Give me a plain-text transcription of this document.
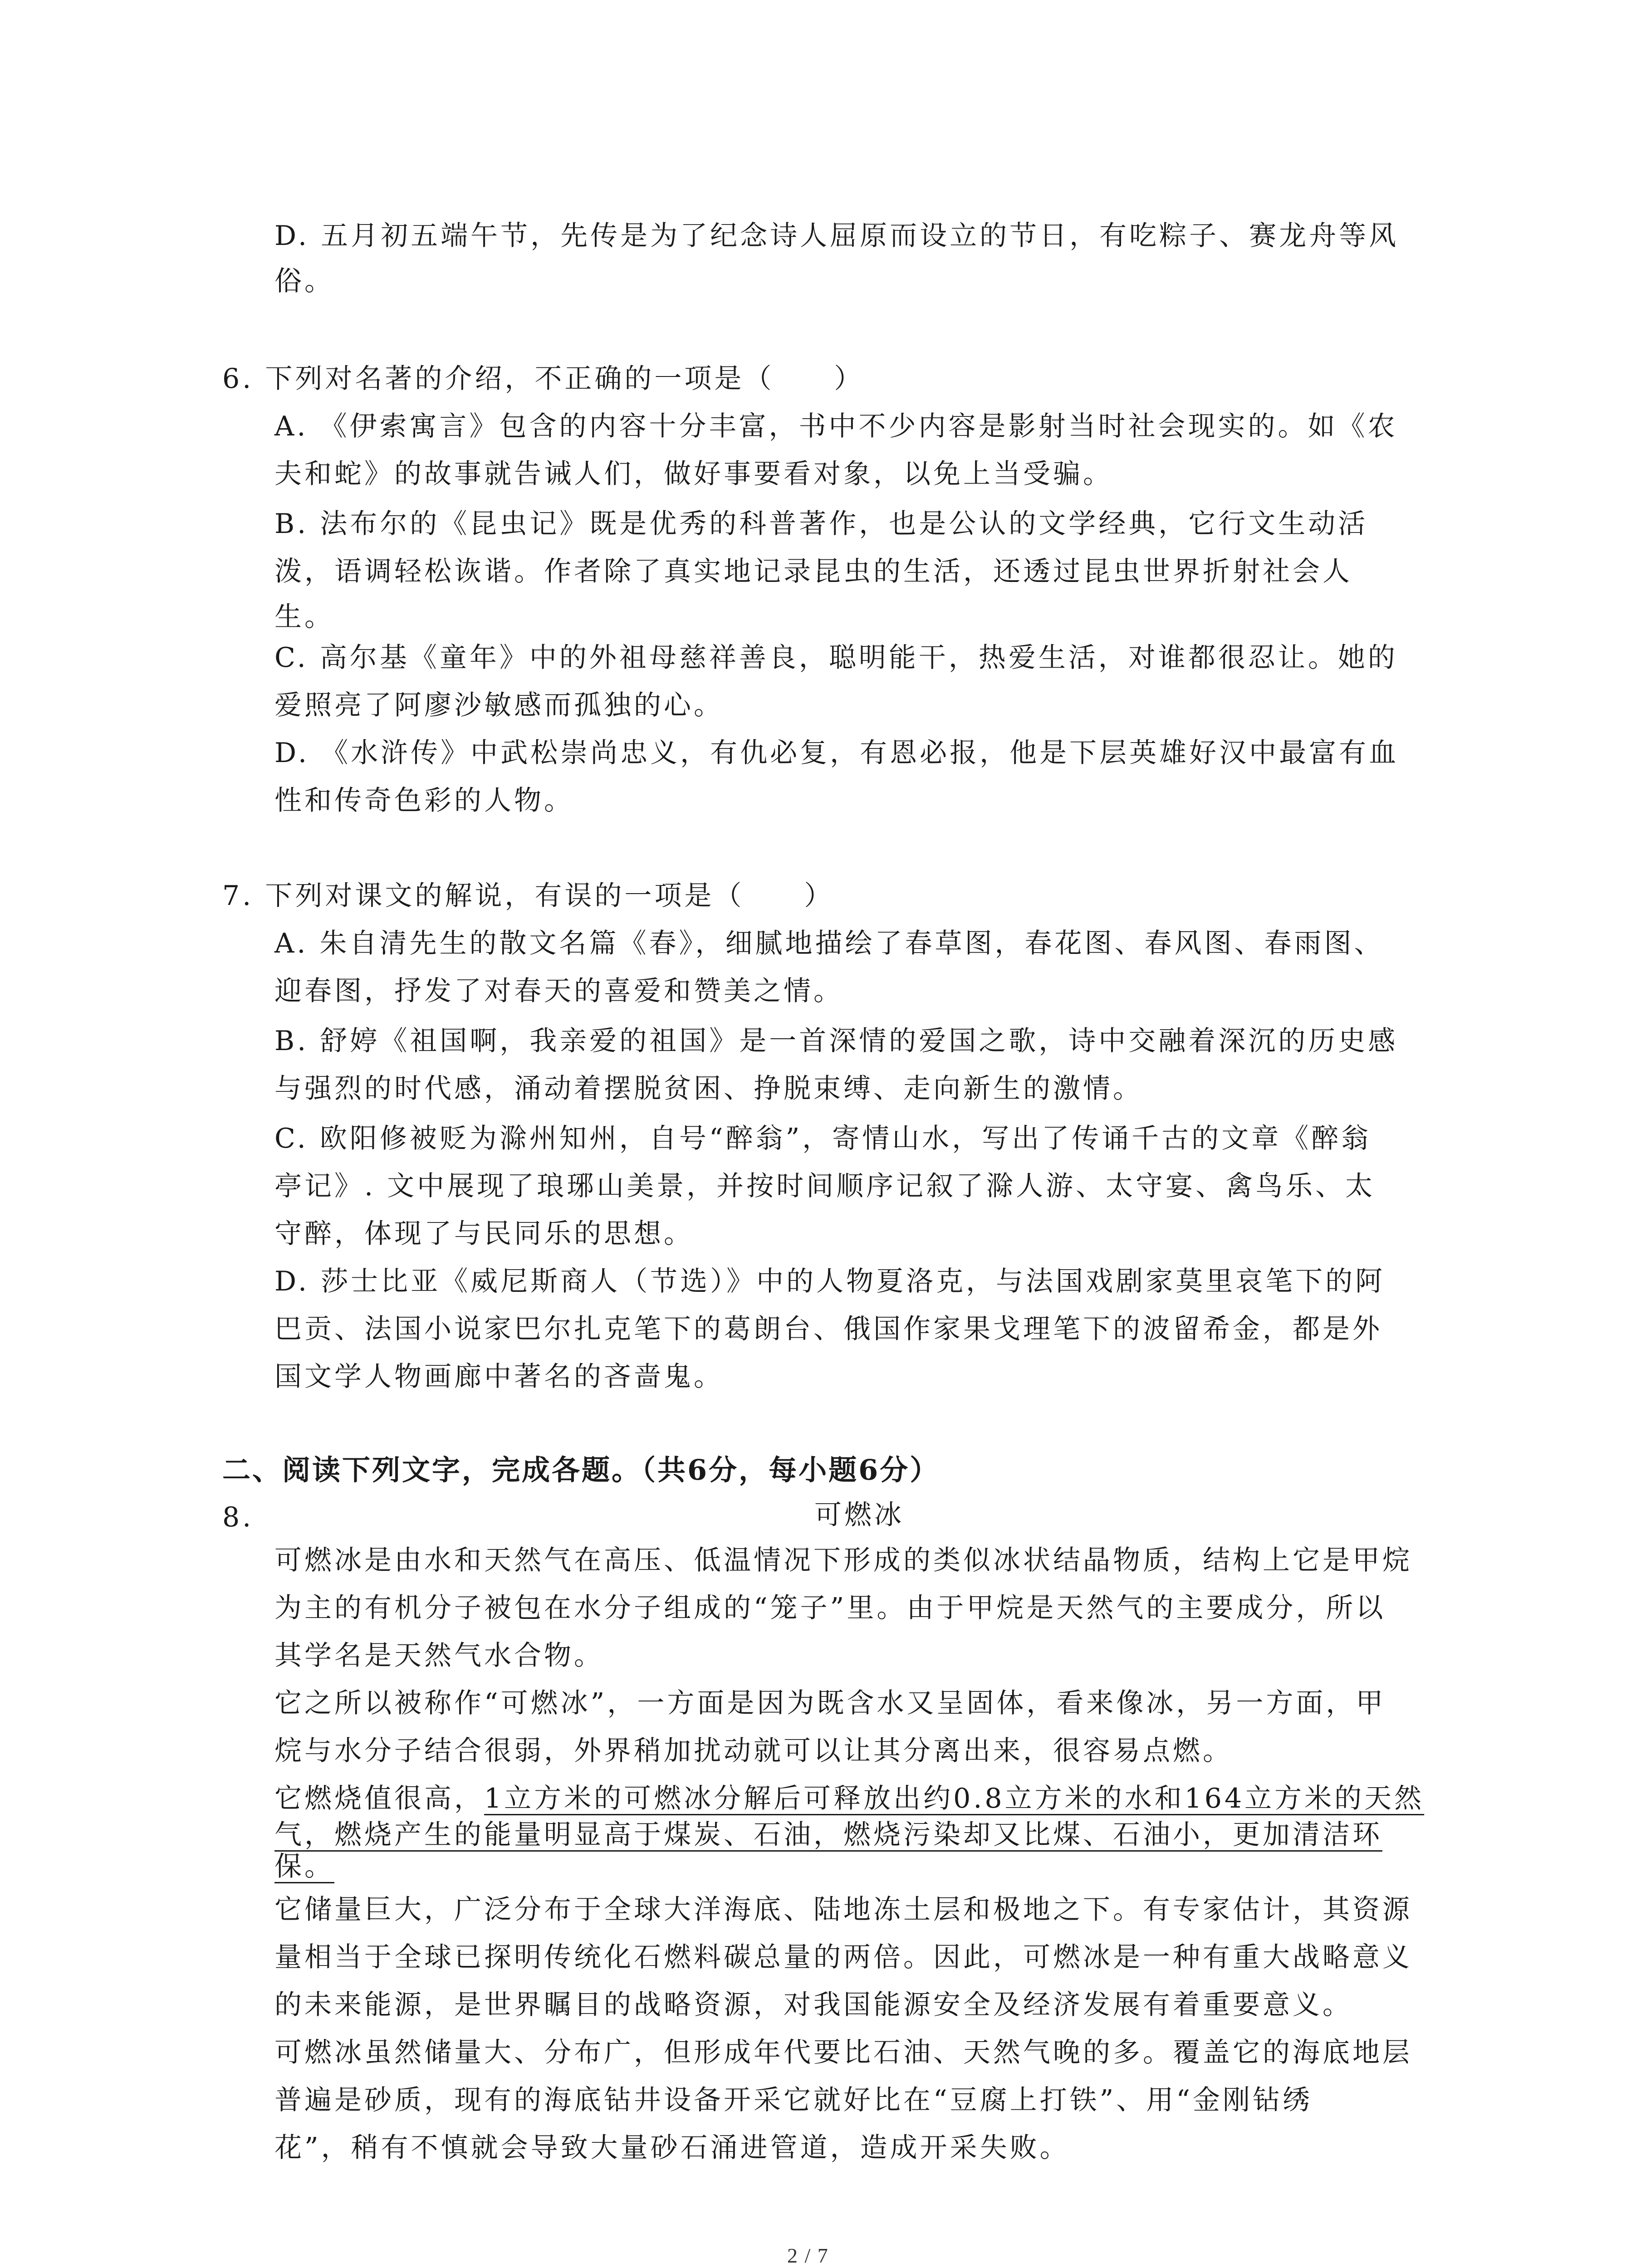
D. 五月初五端午节，先传是为了纪念诗人屈原而设立的节日，有吃粽子、赛龙舟等风
俗。
6. 下列对名著的介绍，不正确的一项是（　　）
A. 《伊索寓言》包含的内容十分丰富，书中不少内容是影射当时社会现实的。如《农
夫和蛇》的故事就告诫人们，做好事要看对象，以免上当受骗。
B. 法布尔的《昆虫记》既是优秀的科普著作，也是公认的文学经典，它行文生动活
泼，语调轻松诙谐。作者除了真实地记录昆虫的生活，还透过昆虫世界折射社会人
生。
C. 高尔基《童年》中的外祖母慈祥善良，聪明能干，热爱生活，对谁都很忍让。她的
爱照亮了阿廖沙敏感而孤独的心。
D. 《水浒传》中武松崇尚忠义，有仇必复，有恩必报，他是下层英雄好汉中最富有血
性和传奇色彩的人物。
7. 下列对课文的解说，有误的一项是（　　）
A. 朱自清先生的散文名篇《春》，细腻地描绘了春草图，春花图、春风图、春雨图、
迎春图，抒发了对春天的喜爱和赞美之情。
B. 舒婷《祖国啊，我亲爱的祖国》是一首深情的爱国之歌，诗中交融着深沉的历史感
与强烈的时代感，涌动着摆脱贫困、挣脱束缚、走向新生的激情。
C. 欧阳修被贬为滁州知州，自号“醉翁”，寄情山水，写出了传诵千古的文章《醉翁
亭记》. 文中展现了琅琊山美景，并按时间顺序记叙了滁人游、太守宴、禽鸟乐、太
守醉，体现了与民同乐的思想。
D. 莎士比亚《威尼斯商人（节选）》中的人物夏洛克，与法国戏剧家莫里哀笔下的阿
巴贡、法国小说家巴尔扎克笔下的葛朗台、俄国作家果戈理笔下的波留希金，都是外
国文学人物画廊中著名的吝啬鬼。
二、阅读下列文字，完成各题。（共6分，每小题6分）
8.	可燃冰
可燃冰是由水和天然气在高压、低温情况下形成的类似冰状结晶物质，结构上它是甲烷
为主的有机分子被包在水分子组成的“笼子”里。由于甲烷是天然气的主要成分，所以
其学名是天然气水合物。
它之所以被称作“可燃冰”，一方面是因为既含水又呈固体，看来像冰，另一方面，甲
烷与水分子结合很弱，外界稍加扰动就可以让其分离出来，很容易点燃。
它燃烧值很高，1立方米的可燃冰分解后可释放出约0.8立方米的水和164立方米的天然
气，燃烧产生的能量明显高于煤炭、石油，燃烧污染却又比煤、石油小，更加清洁环
保。
它储量巨大，广泛分布于全球大洋海底、陆地冻土层和极地之下。有专家估计，其资源
量相当于全球已探明传统化石燃料碳总量的两倍。因此，可燃冰是一种有重大战略意义
的未来能源，是世界瞩目的战略资源，对我国能源安全及经济发展有着重要意义。
可燃冰虽然储量大、分布广，但形成年代要比石油、天然气晚的多。覆盖它的海底地层
普遍是砂质，现有的海底钻井设备开采它就好比在“豆腐上打铁”、用“金刚钻绣
花”，稍有不慎就会导致大量砂石涌进管道，造成开采失败。
2 / 7
